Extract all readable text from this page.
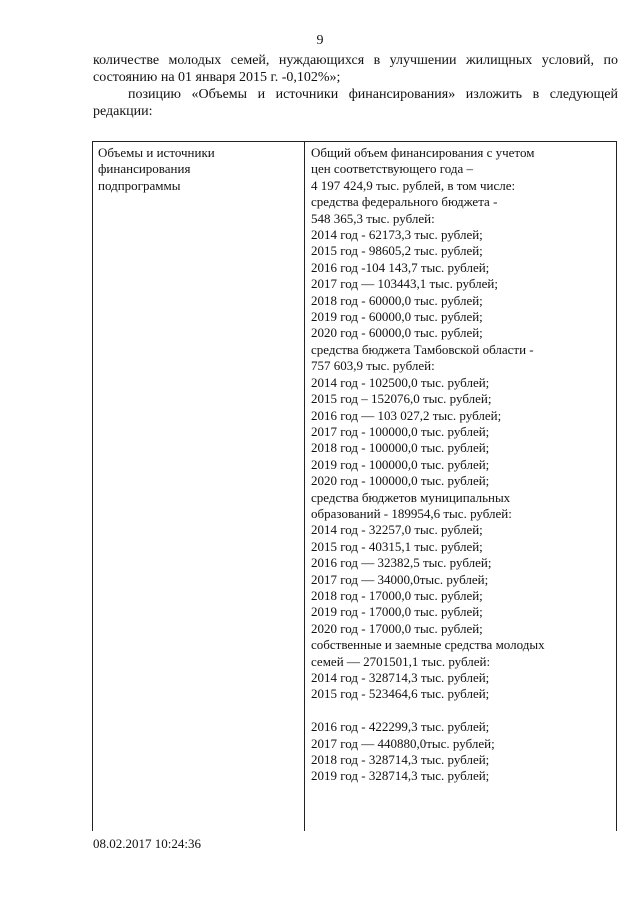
9

количестве молодых семей, нуждающихся в улучшении жилищных условий, по состоянию на 01 января 2015 г. -0,102%»;

позицию «Объемы и источники финансирования» изложить в следующей редакции:

Объемы и источники
финансирования
подпрограммы
Общий объем финансирования с учетом
цен соответствующего года –
4 197 424,9 тыс. рублей, в том числе:
средства федерального бюджета -
548 365,3 тыс. рублей:
2014 год - 62173,3 тыс. рублей;
2015 год - 98605,2 тыс. рублей;
2016 год -104 143,7 тыс. рублей;
2017 год — 103443,1 тыс. рублей;
2018 год - 60000,0 тыс. рублей;
2019 год - 60000,0 тыс. рублей;
2020 год - 60000,0 тыс. рублей;
средства бюджета Тамбовской области -
757 603,9 тыс. рублей:
2014 год - 102500,0 тыс. рублей;
2015 год – 152076,0 тыс. рублей;
2016 год — 103 027,2 тыс. рублей;
2017 год - 100000,0 тыс. рублей;
2018 год - 100000,0 тыс. рублей;
2019 год - 100000,0 тыс. рублей;
2020 год - 100000,0 тыс. рублей;
средства бюджетов муниципальных
образований - 189954,6 тыс. рублей:
2014 год - 32257,0 тыс. рублей;
2015 год - 40315,1 тыс. рублей;
2016 год — 32382,5 тыс. рублей;
2017 год — 34000,0тыс. рублей;
2018 год - 17000,0 тыс. рублей;
2019 год - 17000,0 тыс. рублей;
2020 год - 17000,0 тыс. рублей;
собственные и заемные средства молодых
семей — 2701501,1 тыс. рублей:
2014 год - 328714,3 тыс. рублей;
2015 год - 523464,6 тыс. рублей;
2016 год - 422299,3 тыс. рублей;
2017 год — 440880,0тыс. рублей;
2018 год - 328714,3 тыс. рублей;
2019 год - 328714,3 тыс. рублей;
08.02.2017 10:24:36
